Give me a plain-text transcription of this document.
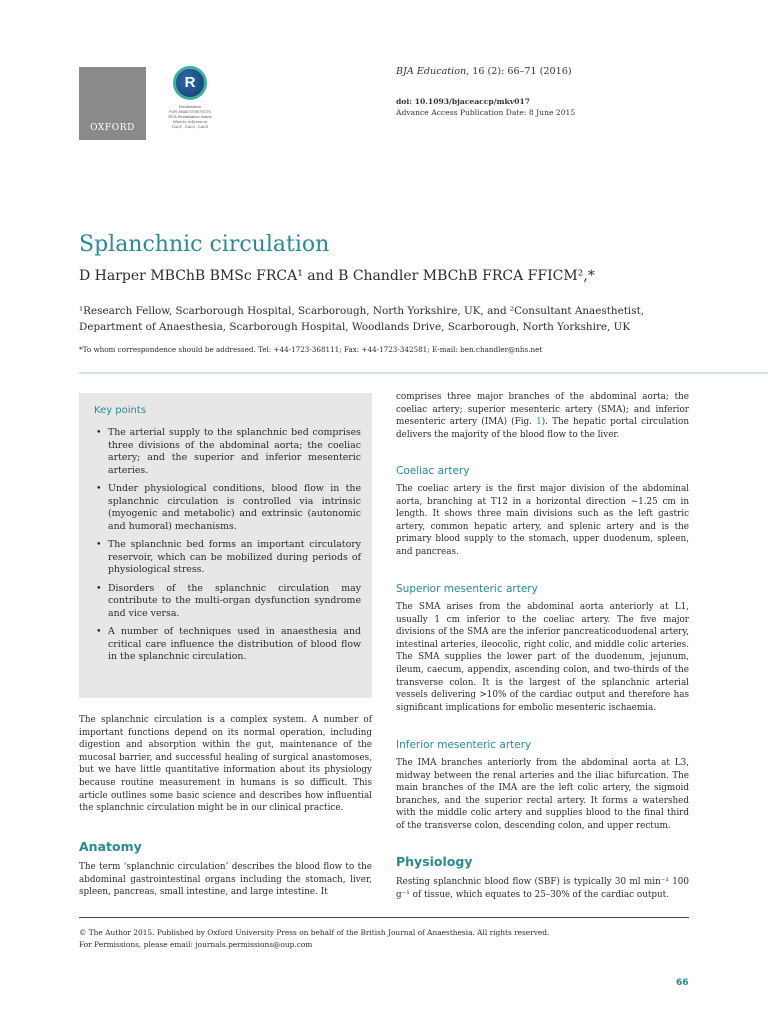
OXFORD
R
Revalidation
FOR ANAESTHETISTS
RCA Revalidation matrix
Matrix reference
1A01, 1A02, 1A03
BJA Education, 16 (2): 66–71 (2016)
doi: 10.1093/bjaceaccp/mkv017
Advance Access Publication Date: 8 June 2015
Splanchnic circulation
D Harper MBChB BMSc FRCA¹ and B Chandler MBChB FRCA FFICM²,*
¹Research Fellow, Scarborough Hospital, Scarborough, North Yorkshire, UK, and ²Consultant Anaesthetist, Department of Anaesthesia, Scarborough Hospital, Woodlands Drive, Scarborough, North Yorkshire, UK
*To whom correspondence should be addressed. Tel: +44-1723-368111; Fax: +44-1723-342581; E-mail: ben.chandler@nhs.net
Key points
• The arterial supply to the splanchnic bed comprises three divisions of the abdominal aorta; the coeliac artery; and the superior and inferior mesenteric arteries.
• Under physiological conditions, blood flow in the splanchnic circulation is controlled via intrinsic (myogenic and metabolic) and extrinsic (autonomic and humoral) mechanisms.
• The splanchnic bed forms an important circulatory reservoir, which can be mobilized during periods of physiological stress.
• Disorders of the splanchnic circulation may contribute to the multi-organ dysfunction syndrome and vice versa.
• A number of techniques used in anaesthesia and critical care influence the distribution of blood flow in the splanchnic circulation.
The splanchnic circulation is a complex system. A number of important functions depend on its normal operation, including digestion and absorption within the gut, maintenance of the mucosal barrier, and successful healing of surgical anastomoses, but we have little quantitative information about its physiology because routine measurement in humans is so difficult. This article outlines some basic science and describes how influential the splanchnic circulation might be in our clinical practice.
Anatomy
The term ‘splanchnic circulation’ describes the blood flow to the abdominal gastrointestinal organs including the stomach, liver, spleen, pancreas, small intestine, and large intestine. It
comprises three major branches of the abdominal aorta; the coeliac artery; superior mesenteric artery (SMA); and inferior mesenteric artery (IMA) (Fig. 1). The hepatic portal circulation delivers the majority of the blood flow to the liver.
Coeliac artery
The coeliac artery is the first major division of the abdominal aorta, branching at T12 in a horizontal direction ~1.25 cm in length. It shows three main divisions such as the left gastric artery, common hepatic artery, and splenic artery and is the primary blood supply to the stomach, upper duodenum, spleen, and pancreas.
Superior mesenteric artery
The SMA arises from the abdominal aorta anteriorly at L1, usually 1 cm inferior to the coeliac artery. The five major divisions of the SMA are the inferior pancreaticoduodenal artery, intestinal arteries, ileocolic, right colic, and middle colic arteries. The SMA supplies the lower part of the duodenum, jejunum, ileum, caecum, appendix, ascending colon, and two-thirds of the transverse colon. It is the largest of the splanchnic arterial vessels delivering >10% of the cardiac output and therefore has significant implications for embolic mesenteric ischaemia.
Inferior mesenteric artery
The IMA branches anteriorly from the abdominal aorta at L3, midway between the renal arteries and the iliac bifurcation. The main branches of the IMA are the left colic artery, the sigmoid branches, and the superior rectal artery. It forms a watershed with the middle colic artery and supplies blood to the final third of the transverse colon, descending colon, and upper rectum.
Physiology
Resting splanchnic blood flow (SBF) is typically 30 ml min⁻¹ 100 g⁻¹ of tissue, which equates to 25–30% of the cardiac output.
© The Author 2015. Published by Oxford University Press on behalf of the British Journal of Anaesthesia. All rights reserved.
For Permissions, please email: journals.permissions@oup.com
66
